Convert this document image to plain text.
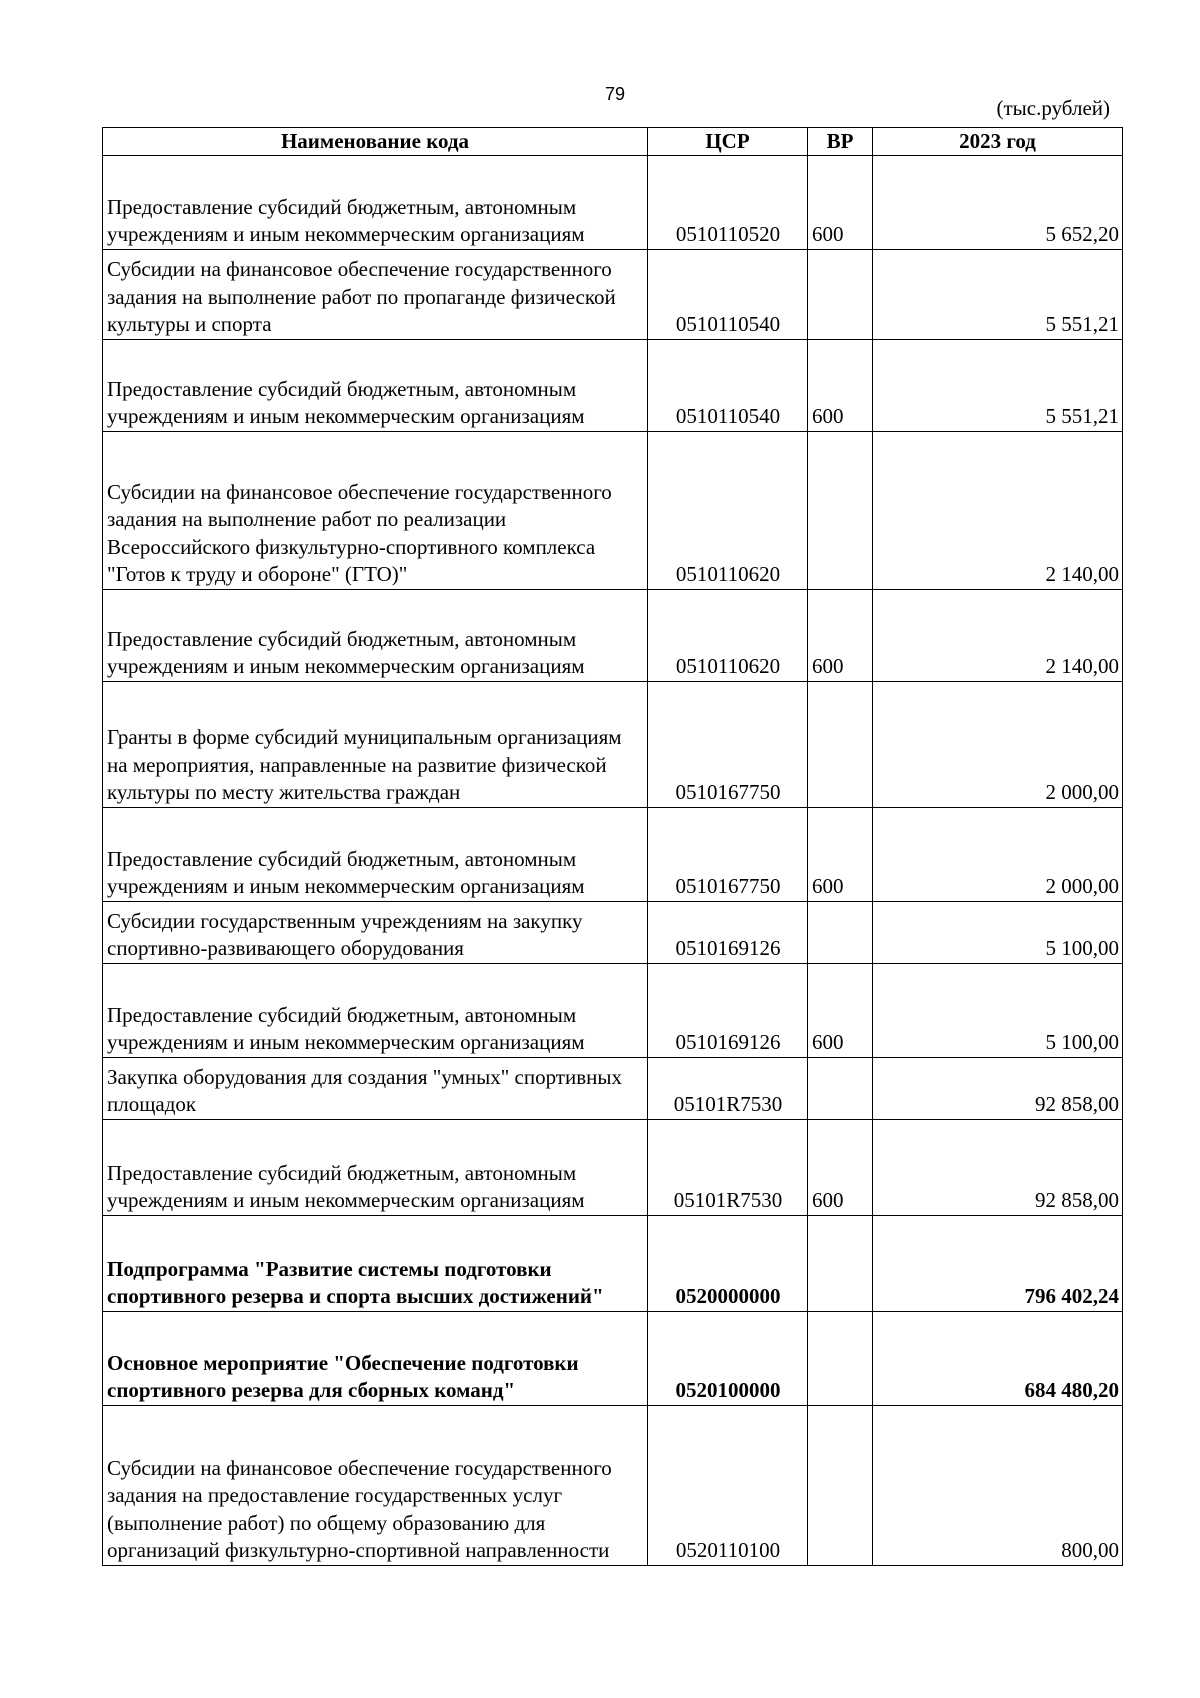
79
(тыс.рублей)
Наименование кода	ЦСР	ВР	2023 год
Предоставление субсидий бюджетным, автономным учреждениям и иным некоммерческим организациям	0510110520	600	5 652,20
Субсидии на финансовое обеспечение государственного задания на выполнение работ по пропаганде физической культуры и спорта	0510110540		5 551,21
Предоставление субсидий бюджетным, автономным учреждениям и иным некоммерческим организациям	0510110540	600	5 551,21
Субсидии на финансовое обеспечение государственного задания на выполнение работ по реализации Всероссийского физкультурно-спортивного комплекса "Готов к труду и обороне" (ГТО)"	0510110620		2 140,00
Предоставление субсидий бюджетным, автономным учреждениям и иным некоммерческим организациям	0510110620	600	2 140,00
Гранты в форме субсидий муниципальным организациям на мероприятия, направленные на развитие физической культуры по месту жительства граждан	0510167750		2 000,00
Предоставление субсидий бюджетным, автономным учреждениям и иным некоммерческим организациям	0510167750	600	2 000,00
Субсидии государственным учреждениям на закупку спортивно-развивающего оборудования	0510169126		5 100,00
Предоставление субсидий бюджетным, автономным учреждениям и иным некоммерческим организациям	0510169126	600	5 100,00
Закупка оборудования для создания "умных" спортивных площадок	05101R7530		92 858,00
Предоставление субсидий бюджетным, автономным учреждениям и иным некоммерческим организациям	05101R7530	600	92 858,00
Подпрограмма "Развитие системы подготовки спортивного резерва и спорта высших достижений"	0520000000		796 402,24
Основное мероприятие "Обеспечение подготовки спортивного резерва для сборных команд"	0520100000		684 480,20
Субсидии на финансовое обеспечение государственного задания на предоставление государственных услуг (выполнение работ) по общему образованию для организаций физкультурно-спортивной направленности	0520110100		800,00
